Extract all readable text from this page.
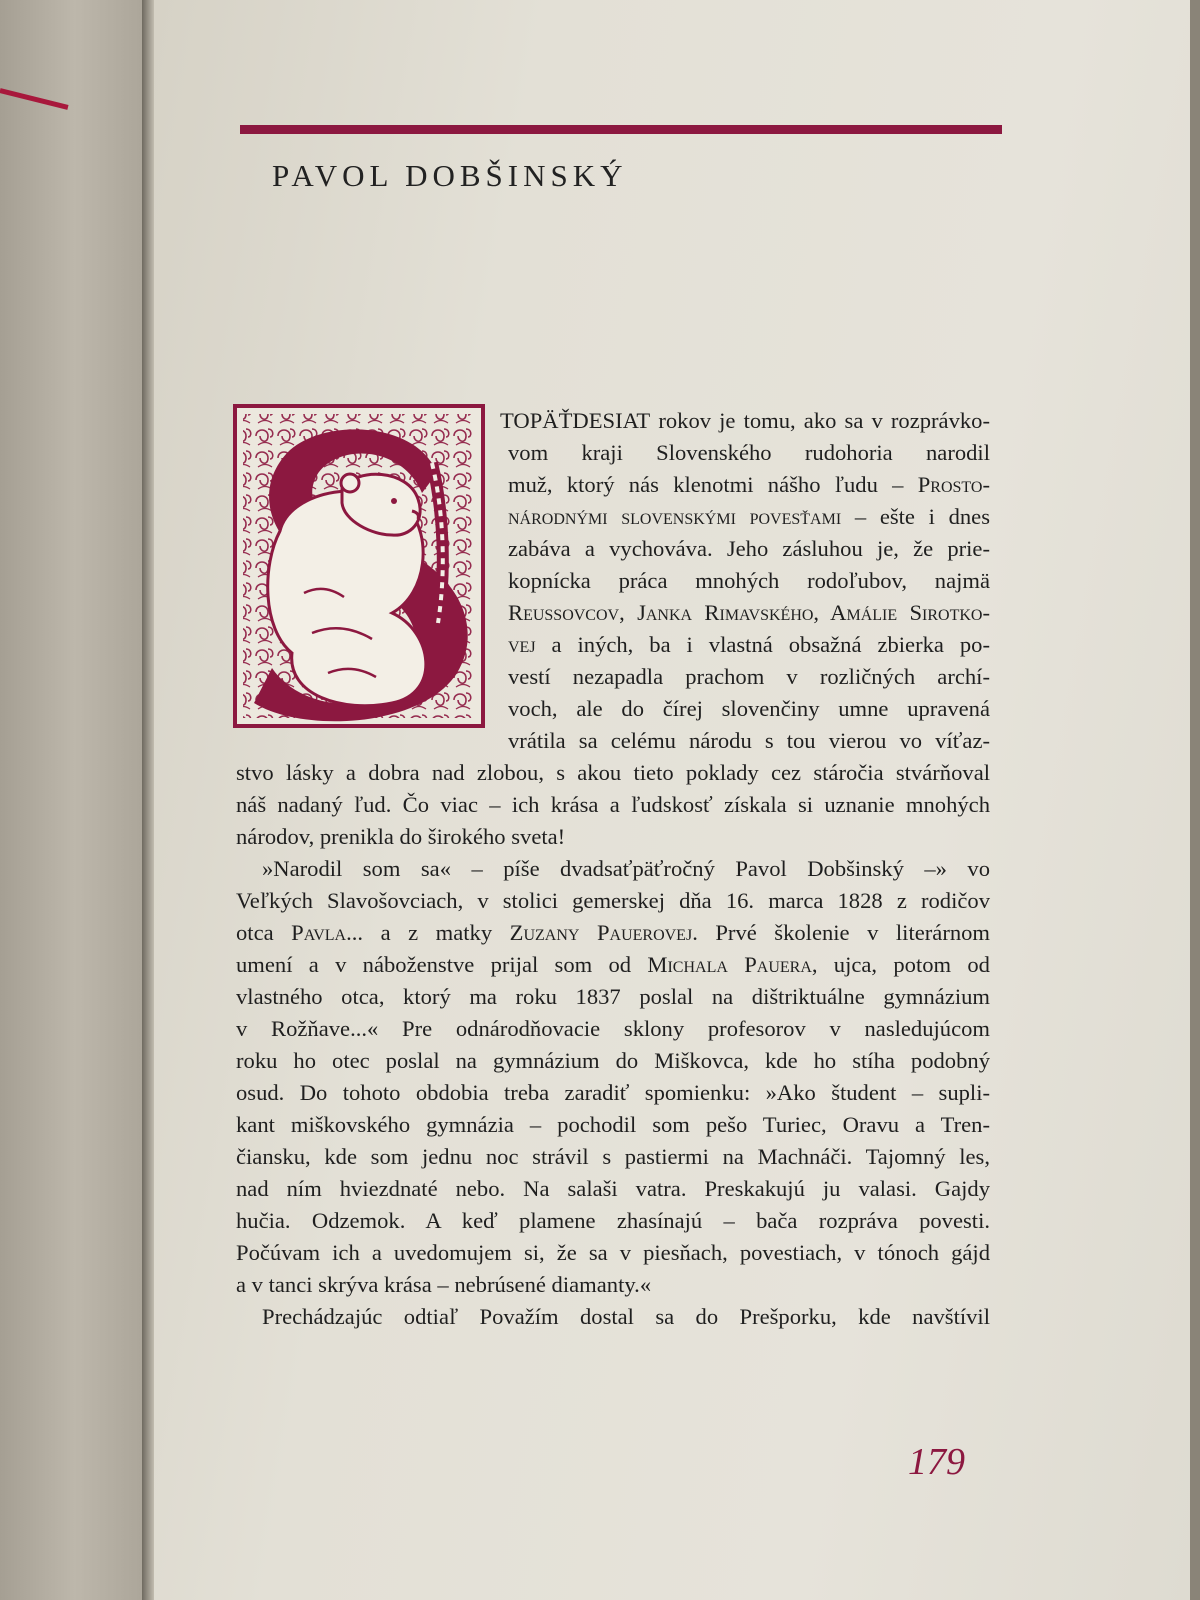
PAVOL DOBŠINSKÝ
TOPÄŤDESIAT rokov je tomu, ako sa v rozprávko-
vom kraji Slovenského rudohoria narodil
muž, ktorý nás klenotmi nášho ľudu – Prosto-
národnými slovenskými povesťami – ešte i dnes
zabáva a vychováva. Jeho zásluhou je, že prie-
kopnícka práca mnohých rodoľubov, najmä
Reussovcov, Janka Rimavského, Amálie Sirotko-
vej a iných, ba i vlastná obsažná zbierka po-
vestí nezapadla prachom v rozličných archí-
voch, ale do čírej slovenčiny umne upravená
vrátila sa celému národu s tou vierou vo víťaz-
stvo lásky a dobra nad zlobou, s akou tieto poklady cez stáročia stvárňoval
náš nadaný ľud. Čo viac – ich krása a ľudskosť získala si uznanie mnohých
národov, prenikla do širokého sveta!
»Narodil som sa« – píše dvadsaťpäťročný Pavol Dobšinský –» vo
Veľkých Slavošovciach, v stolici gemerskej dňa 16. marca 1828 z rodičov
otca Pavla... a z matky Zuzany Pauerovej. Prvé školenie v literárnom
umení a v náboženstve prijal som od Michala Pauera, ujca, potom od
vlastného otca, ktorý ma roku 1837 poslal na dištriktuálne gymnázium
v Rožňave...« Pre odnárodňovacie sklony profesorov v nasledujúcom
roku ho otec poslal na gymnázium do Miškovca, kde ho stíha podobný
osud. Do tohoto obdobia treba zaradiť spomienku: »Ako študent – supli-
kant miškovského gymnázia – pochodil som pešo Turiec, Oravu a Tren-
čiansku, kde som jednu noc strávil s pastiermi na Machnáči. Tajomný les,
nad ním hviezdnaté nebo. Na salaši vatra. Preskakujú ju valasi. Gajdy
hučia. Odzemok. A keď plamene zhasínajú – bača rozpráva povesti.
Počúvam ich a uvedomujem si, že sa v piesňach, povestiach, v tónoch gájd
a v tanci skrýva krása – nebrúsené diamanty.«
Prechádzajúc odtiaľ Považím dostal sa do Prešporku, kde navštívil
179
